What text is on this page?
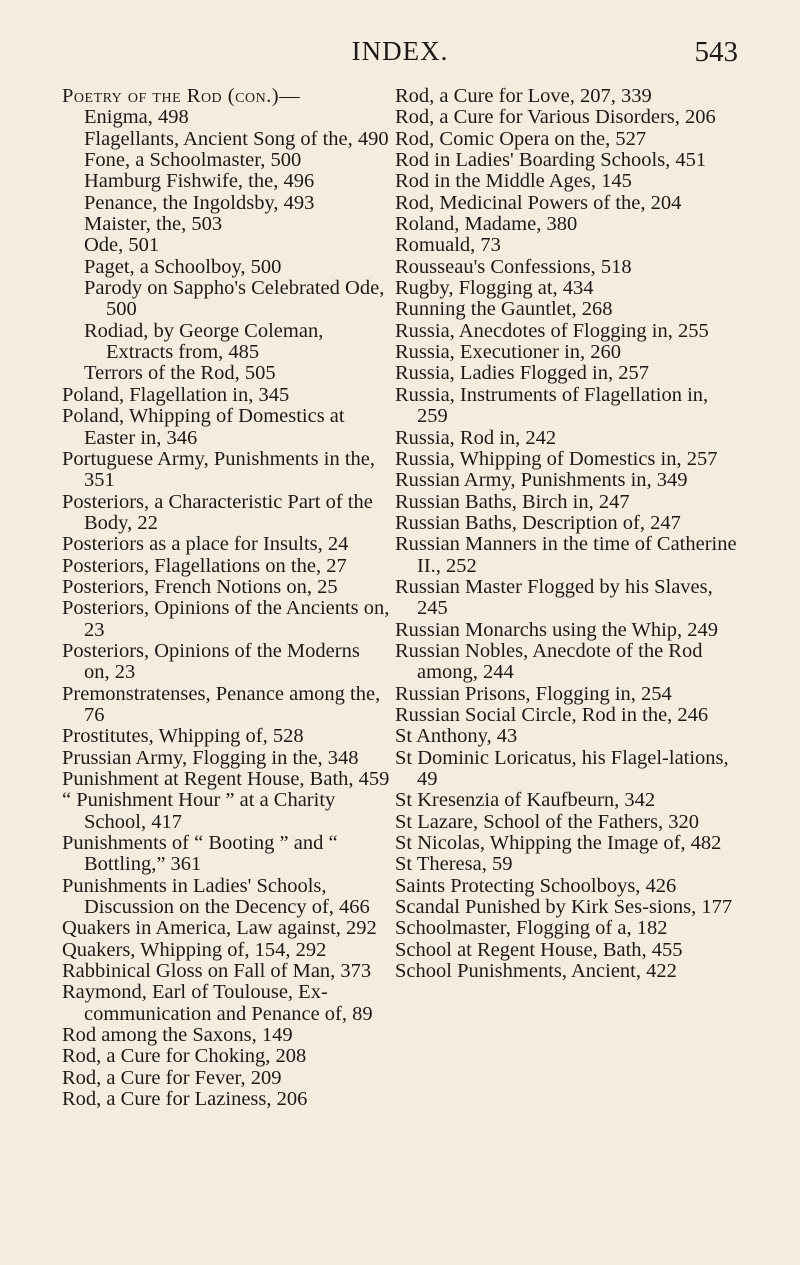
INDEX.	543

Poetry of the Rod (con.)—

Enigma, 498

Flagellants, Ancient Song of the, 490

Fone, a Schoolmaster, 500

Hamburg Fishwife, the, 496

Penance, the Ingoldsby, 493

Maister, the, 503

Ode, 501

Paget, a Schoolboy, 500

Parody on Sappho's Celebrated Ode, 500

Rodiad, by George Coleman, Extracts from, 485

Terrors of the Rod, 505

Poland, Flagellation in, 345

Poland, Whipping of Domestics at Easter in, 346

Portuguese Army, Punishments in the, 351

Posteriors, a Characteristic Part of the Body, 22

Posteriors as a place for Insults, 24

Posteriors, Flagellations on the, 27

Posteriors, French Notions on, 25

Posteriors, Opinions of the Ancients on, 23

Posteriors, Opinions of the Moderns on, 23

Premonstratenses, Penance among the, 76

Prostitutes, Whipping of, 528

Prussian Army, Flogging in the, 348

Punishment at Regent House, Bath, 459

“ Punishment Hour ” at a Charity School, 417

Punishments of “ Booting ” and “ Bottling,” 361

Punishments in Ladies' Schools, Discussion on the Decency of, 466

Quakers in America, Law against, 292

Quakers, Whipping of, 154, 292

Rabbinical Gloss on Fall of Man, 373

Raymond, Earl of Toulouse, Ex-communication and Penance of, 89

Rod among the Saxons, 149

Rod, a Cure for Choking, 208

Rod, a Cure for Fever, 209

Rod, a Cure for Laziness, 206

Rod, a Cure for Love, 207, 339

Rod, a Cure for Various Disorders, 206

Rod, Comic Opera on the, 527

Rod in Ladies' Boarding Schools, 451

Rod in the Middle Ages, 145

Rod, Medicinal Powers of the, 204

Roland, Madame, 380

Romuald, 73

Rousseau's Confessions, 518

Rugby, Flogging at, 434

Running the Gauntlet, 268

Russia, Anecdotes of Flogging in, 255

Russia, Executioner in, 260

Russia, Ladies Flogged in, 257

Russia, Instruments of Flagellation in, 259

Russia, Rod in, 242

Russia, Whipping of Domestics in, 257

Russian Army, Punishments in, 349

Russian Baths, Birch in, 247

Russian Baths, Description of, 247

Russian Manners in the time of Catherine II., 252

Russian Master Flogged by his Slaves, 245

Russian Monarchs using the Whip, 249

Russian Nobles, Anecdote of the Rod among, 244

Russian Prisons, Flogging in, 254

Russian Social Circle, Rod in the, 246

St Anthony, 43

St Dominic Loricatus, his Flagel-lations, 49

St Kresenzia of Kaufbeurn, 342

St Lazare, School of the Fathers, 320

St Nicolas, Whipping the Image of, 482

St Theresa, 59

Saints Protecting Schoolboys, 426

Scandal Punished by Kirk Ses-sions, 177

Schoolmaster, Flogging of a, 182

School at Regent House, Bath, 455

School Punishments, Ancient, 422
